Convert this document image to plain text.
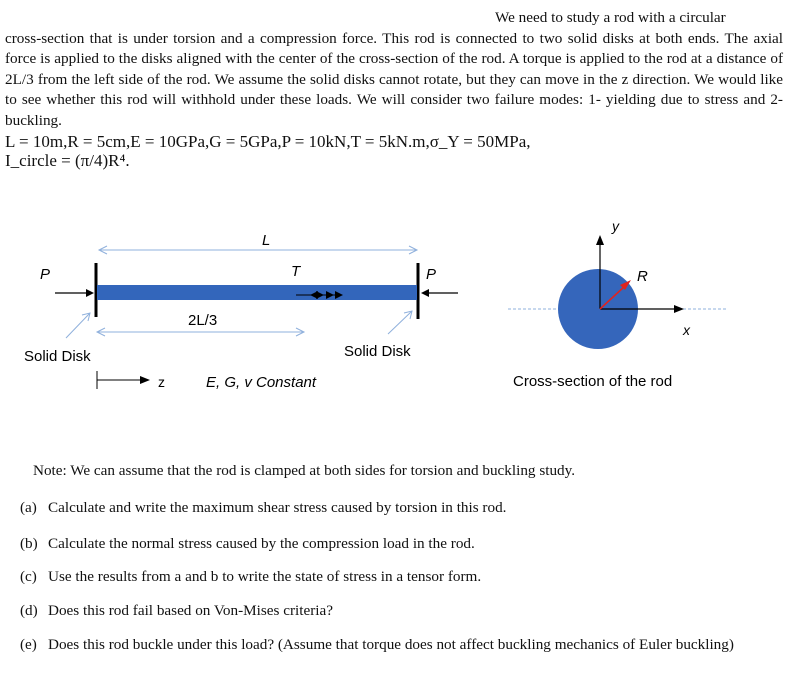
We need to study a rod with a circular
cross-section that is under torsion and a compression force. This rod is connected to two solid disks at both ends. The axial force is applied to the disks aligned with the center of the cross-section of the rod. A torque is applied to the rod at a distance of 2L/3 from the left side of the rod. We assume the solid disks cannot rotate, but they can move in the z direction. We would like to see whether this rod will withhold under these loads. We will consider two failure modes: 1- yielding due to stress and 2-buckling.
L = 10m,R = 5cm,E = 10GPa,G = 5GPa,P = 10kN,T = 5kN.m,σ_Y = 50MPa,
I_circle = (π/4)R⁴.
L
P	P
T
2L/3
Solid Disk	Solid Disk
z	E, G, v Constant
y
R
x
Cross-section of the rod
Note: We can assume that the rod is clamped at both sides for torsion and buckling study.
(a) Calculate and write the maximum shear stress caused by torsion in this rod.
(b) Calculate the normal stress caused by the compression load in the rod.
(c) Use the results from a and b to write the state of stress in a tensor form.
(d) Does this rod fail based on Von-Mises criteria?
(e) Does this rod buckle under this load? (Assume that torque does not affect buckling mechanics of Euler buckling)
